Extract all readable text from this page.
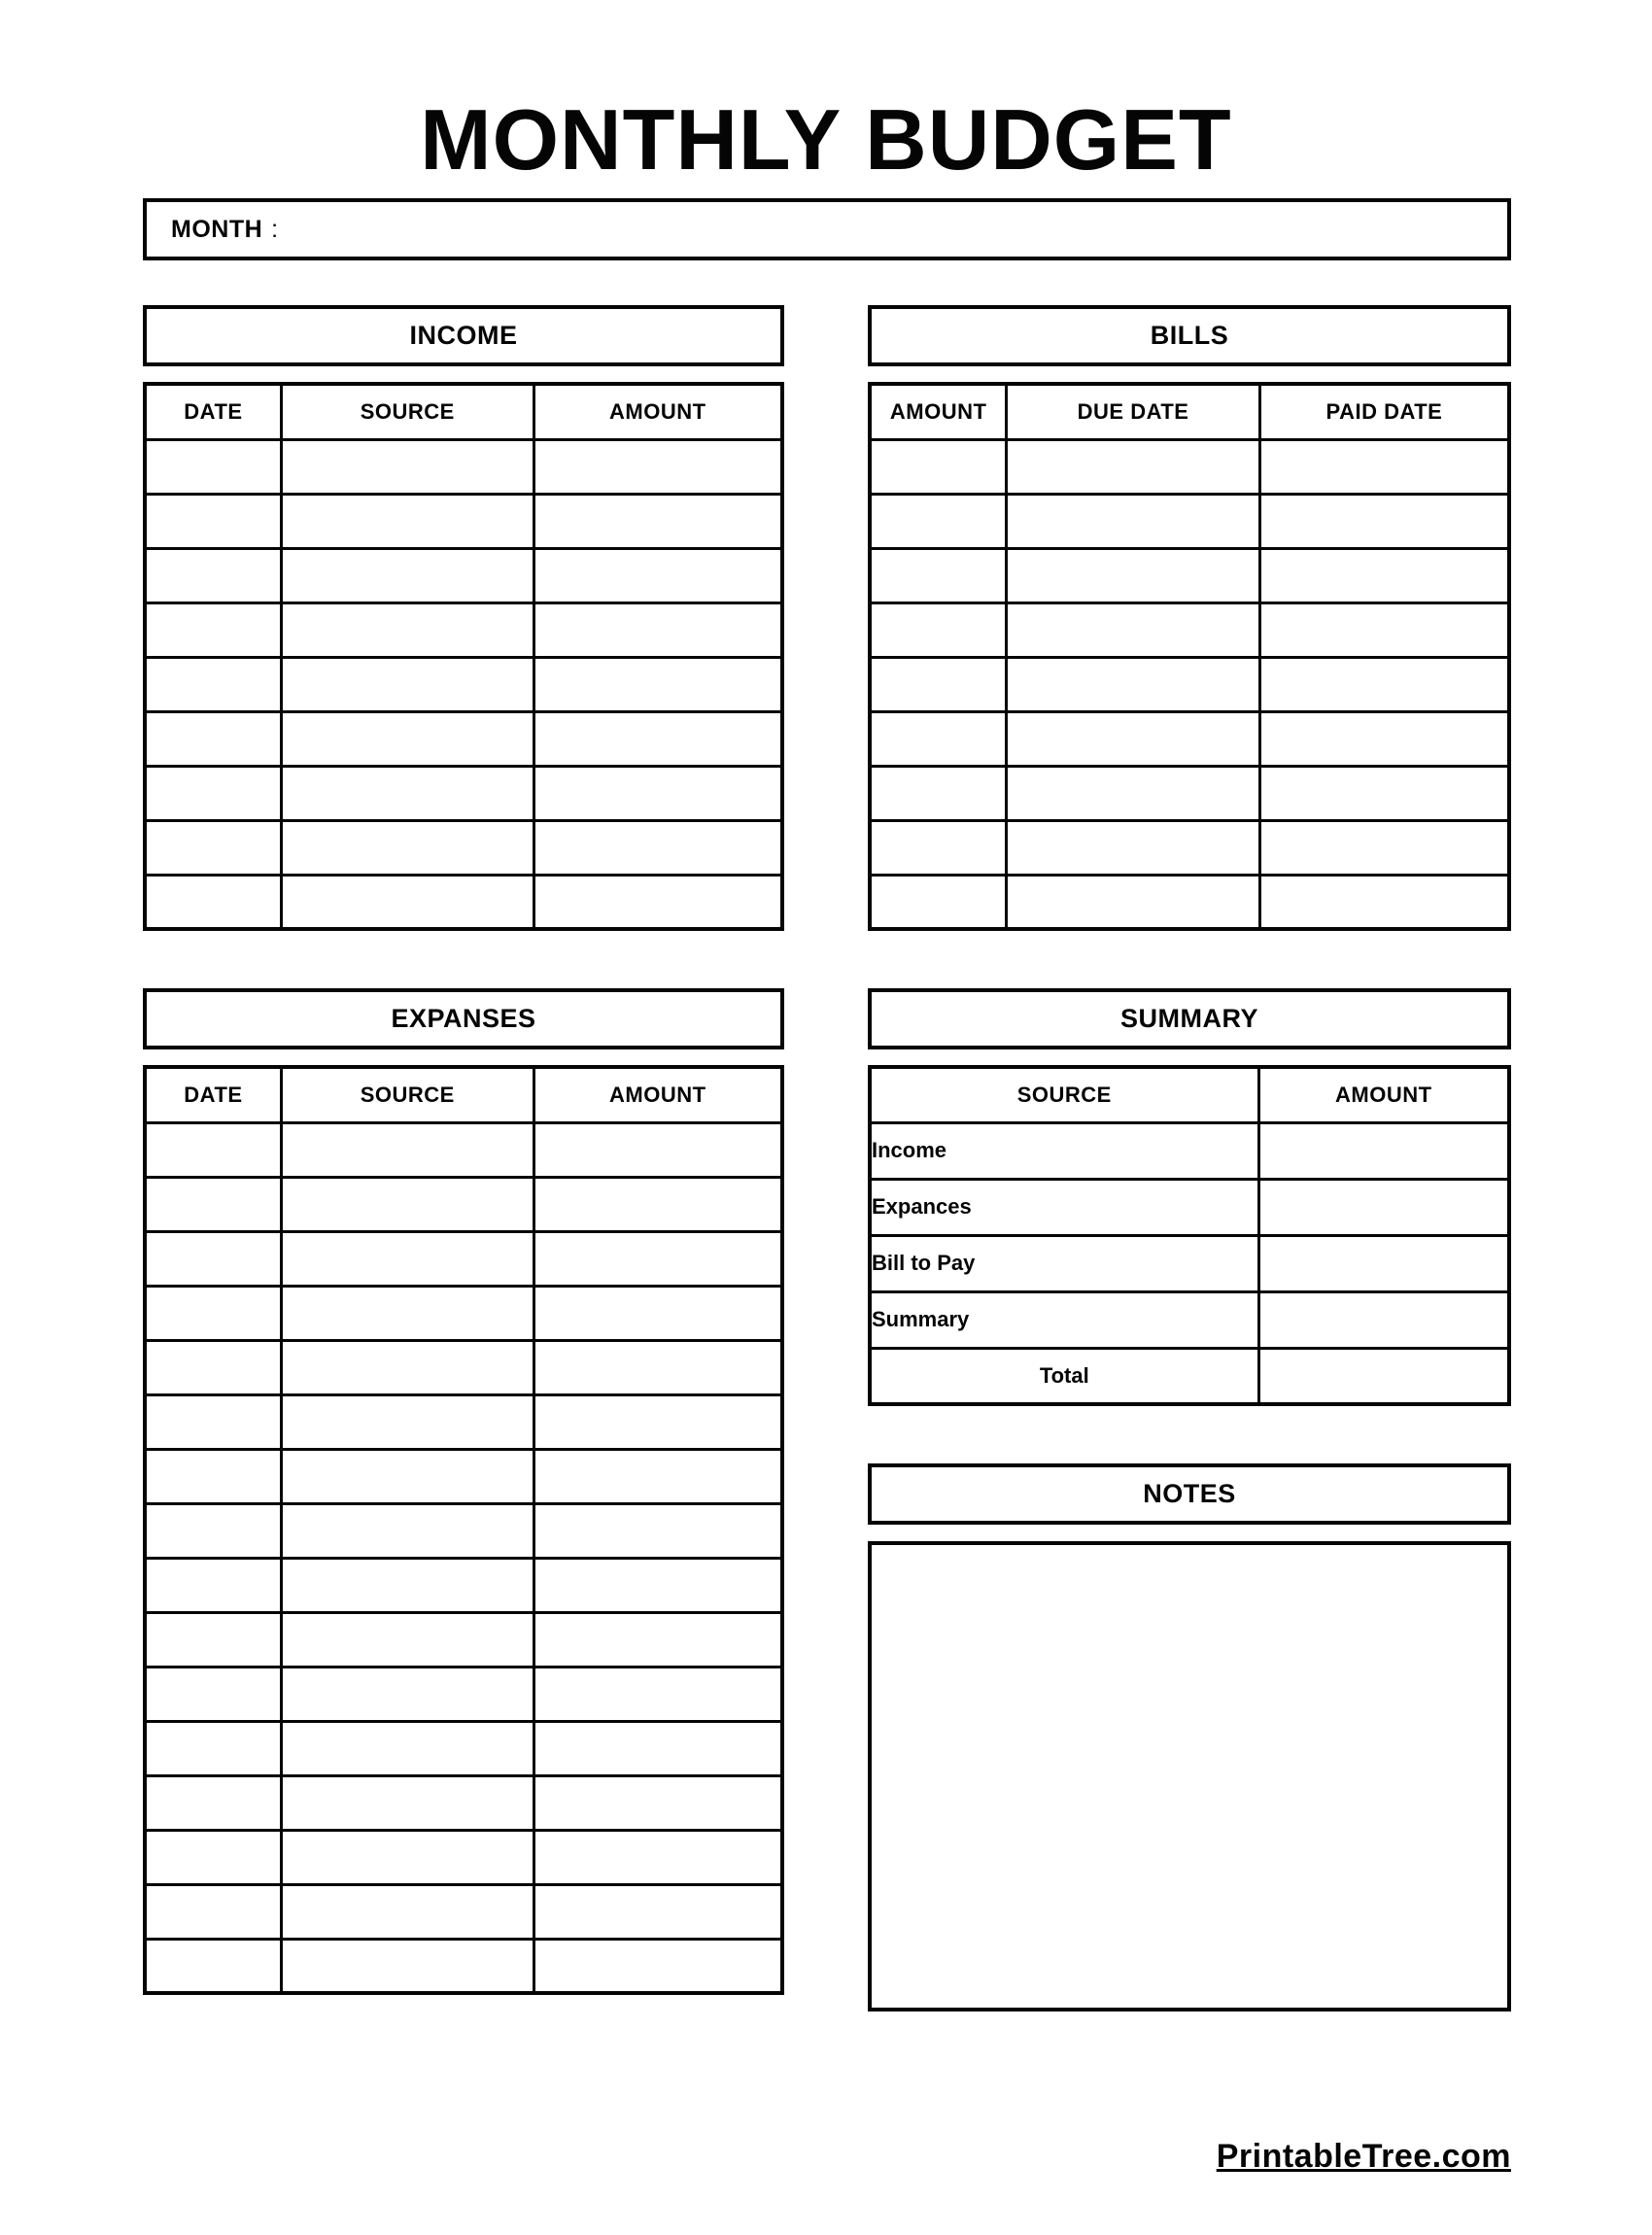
MONTHLY BUDGET
MONTH :
INCOME
DATE	SOURCE	AMOUNT

EXPANSES
DATE	SOURCE	AMOUNT

BILLS
AMOUNT	DUE DATE	PAID DATE

SUMMARY
SOURCE	AMOUNT
Income	
Expances	
Bill to Pay	
Summary	
Total	
NOTES
PrintableTree.com
